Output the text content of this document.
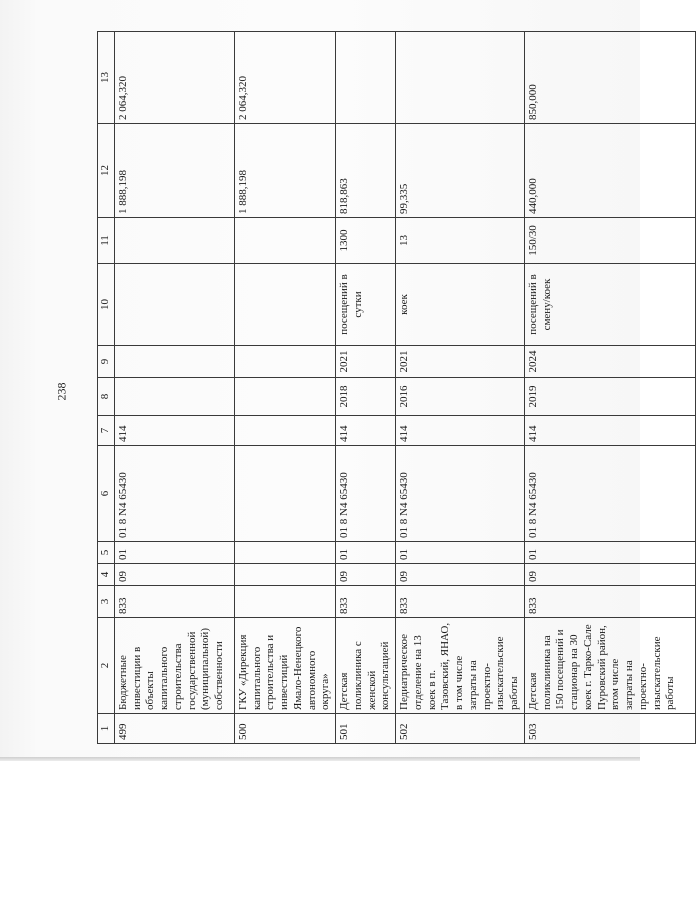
238
1	2	3	4	5	6	7	8	9	10	11	12	13
499	Бюджетные инвестиции в объекты капитального строительства государственной (муниципальной) собственности	833	09	01	01 8 N4 65430	414					1 888,198	2 064,320
500	ГКУ «Дирекция капитального строительства и инвестиций Ямало-Ненецкого автономного округа»										1 888,198	2 064,320
501	Детская поликлиника с женской консультацией	833	09	01	01 8 N4 65430	414	2018	2021	посещений в сутки	1300	818,863	
502	Педиатрическое отделение на 13 коек в п. Тазовский, ЯНАО, в том числе затраты на проектно-изыскательские работы	833	09	01	01 8 N4 65430	414	2016	2021	коек	13	99,335	
503	Детская поликлиника на 150 посещений и стационар на 30 коек г. Тарко-Сале Пуровский район, втом числе затраты на проектно-изыскательские работы	833	09	01	01 8 N4 65430	414	2019	2024	посещений в смену/коек	150/30	440,000	850,000
